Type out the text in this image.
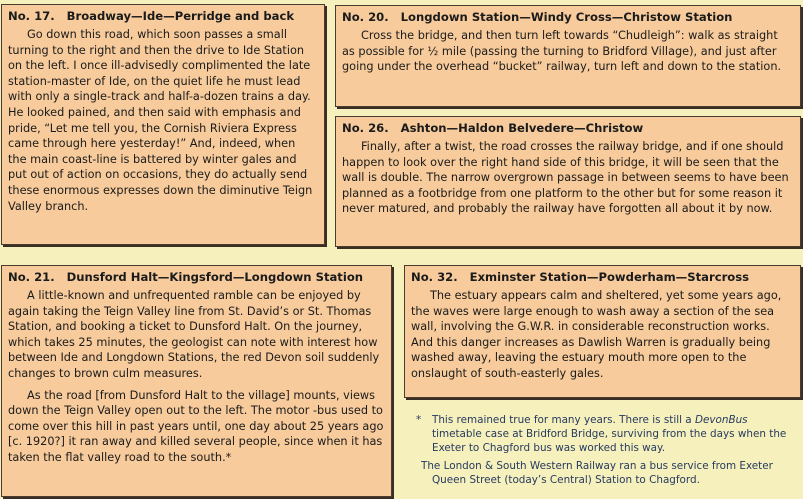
No. 17. Broadway—Ide—Perridge and back

Go down this road, which soon passes a small turning to the right and then the drive to Ide Station on the left. I once ill-advisedly complimented the late station-master of Ide, on the quiet life he must lead with only a single-track and half-a-dozen trains a day. He looked pained, and then said with emphasis and pride, “Let me tell you, the Cornish Riviera Express came through here yesterday!” And, indeed, when the main coast-line is battered by winter gales and put out of action on occasions, they do actually send these enormous expresses down the diminutive Teign Valley branch.

No. 20. Longdown Station—Windy Cross—Christow Station

Cross the bridge, and then turn left towards “Chudleigh”: walk as straight as possible for ½ mile (passing the turning to Bridford Village), and just after going under the overhead “bucket” railway, turn left and down to the station.

No. 26. Ashton—Haldon Belvedere—Christow

Finally, after a twist, the road crosses the railway bridge, and if one should happen to look over the right hand side of this bridge, it will be seen that the wall is double. The narrow overgrown passage in between seems to have been planned as a footbridge from one platform to the other but for some reason it never matured, and probably the railway have forgotten all about it by now.

No. 21. Dunsford Halt—Kingsford—Longdown Station

A little-known and unfrequented ramble can be enjoyed by again taking the Teign Valley line from St. David’s or St. Thomas Station, and booking a ticket to Dunsford Halt. On the journey, which takes 25 minutes, the geologist can note with interest how between Ide and Longdown Stations, the red Devon soil suddenly changes to brown culm measures.

As the road [from Dunsford Halt to the village] mounts, views down the Teign Valley open out to the left. The motor -bus used to come over this hill in past years until, one day about 25 years ago [c. 1920?] it ran away and killed several people, since when it has taken the flat valley road to the south.*

No. 32. Exminster Station—Powderham—Starcross

The estuary appears calm and sheltered, yet some years ago, the waves were large enough to wash away a section of the sea wall, involving the G.W.R. in considerable reconstruction works. And this danger increases as Dawlish Warren is gradually being washed away, leaving the estuary mouth more open to the onslaught of south-easterly gales.

* This remained true for many years. There is still a DevonBus timetable case at Bridford Bridge, surviving from the days when the Exeter to Chagford bus was worked this way.

The London & South Western Railway ran a bus service from Exeter Queen Street (today’s Central) Station to Chagford.
